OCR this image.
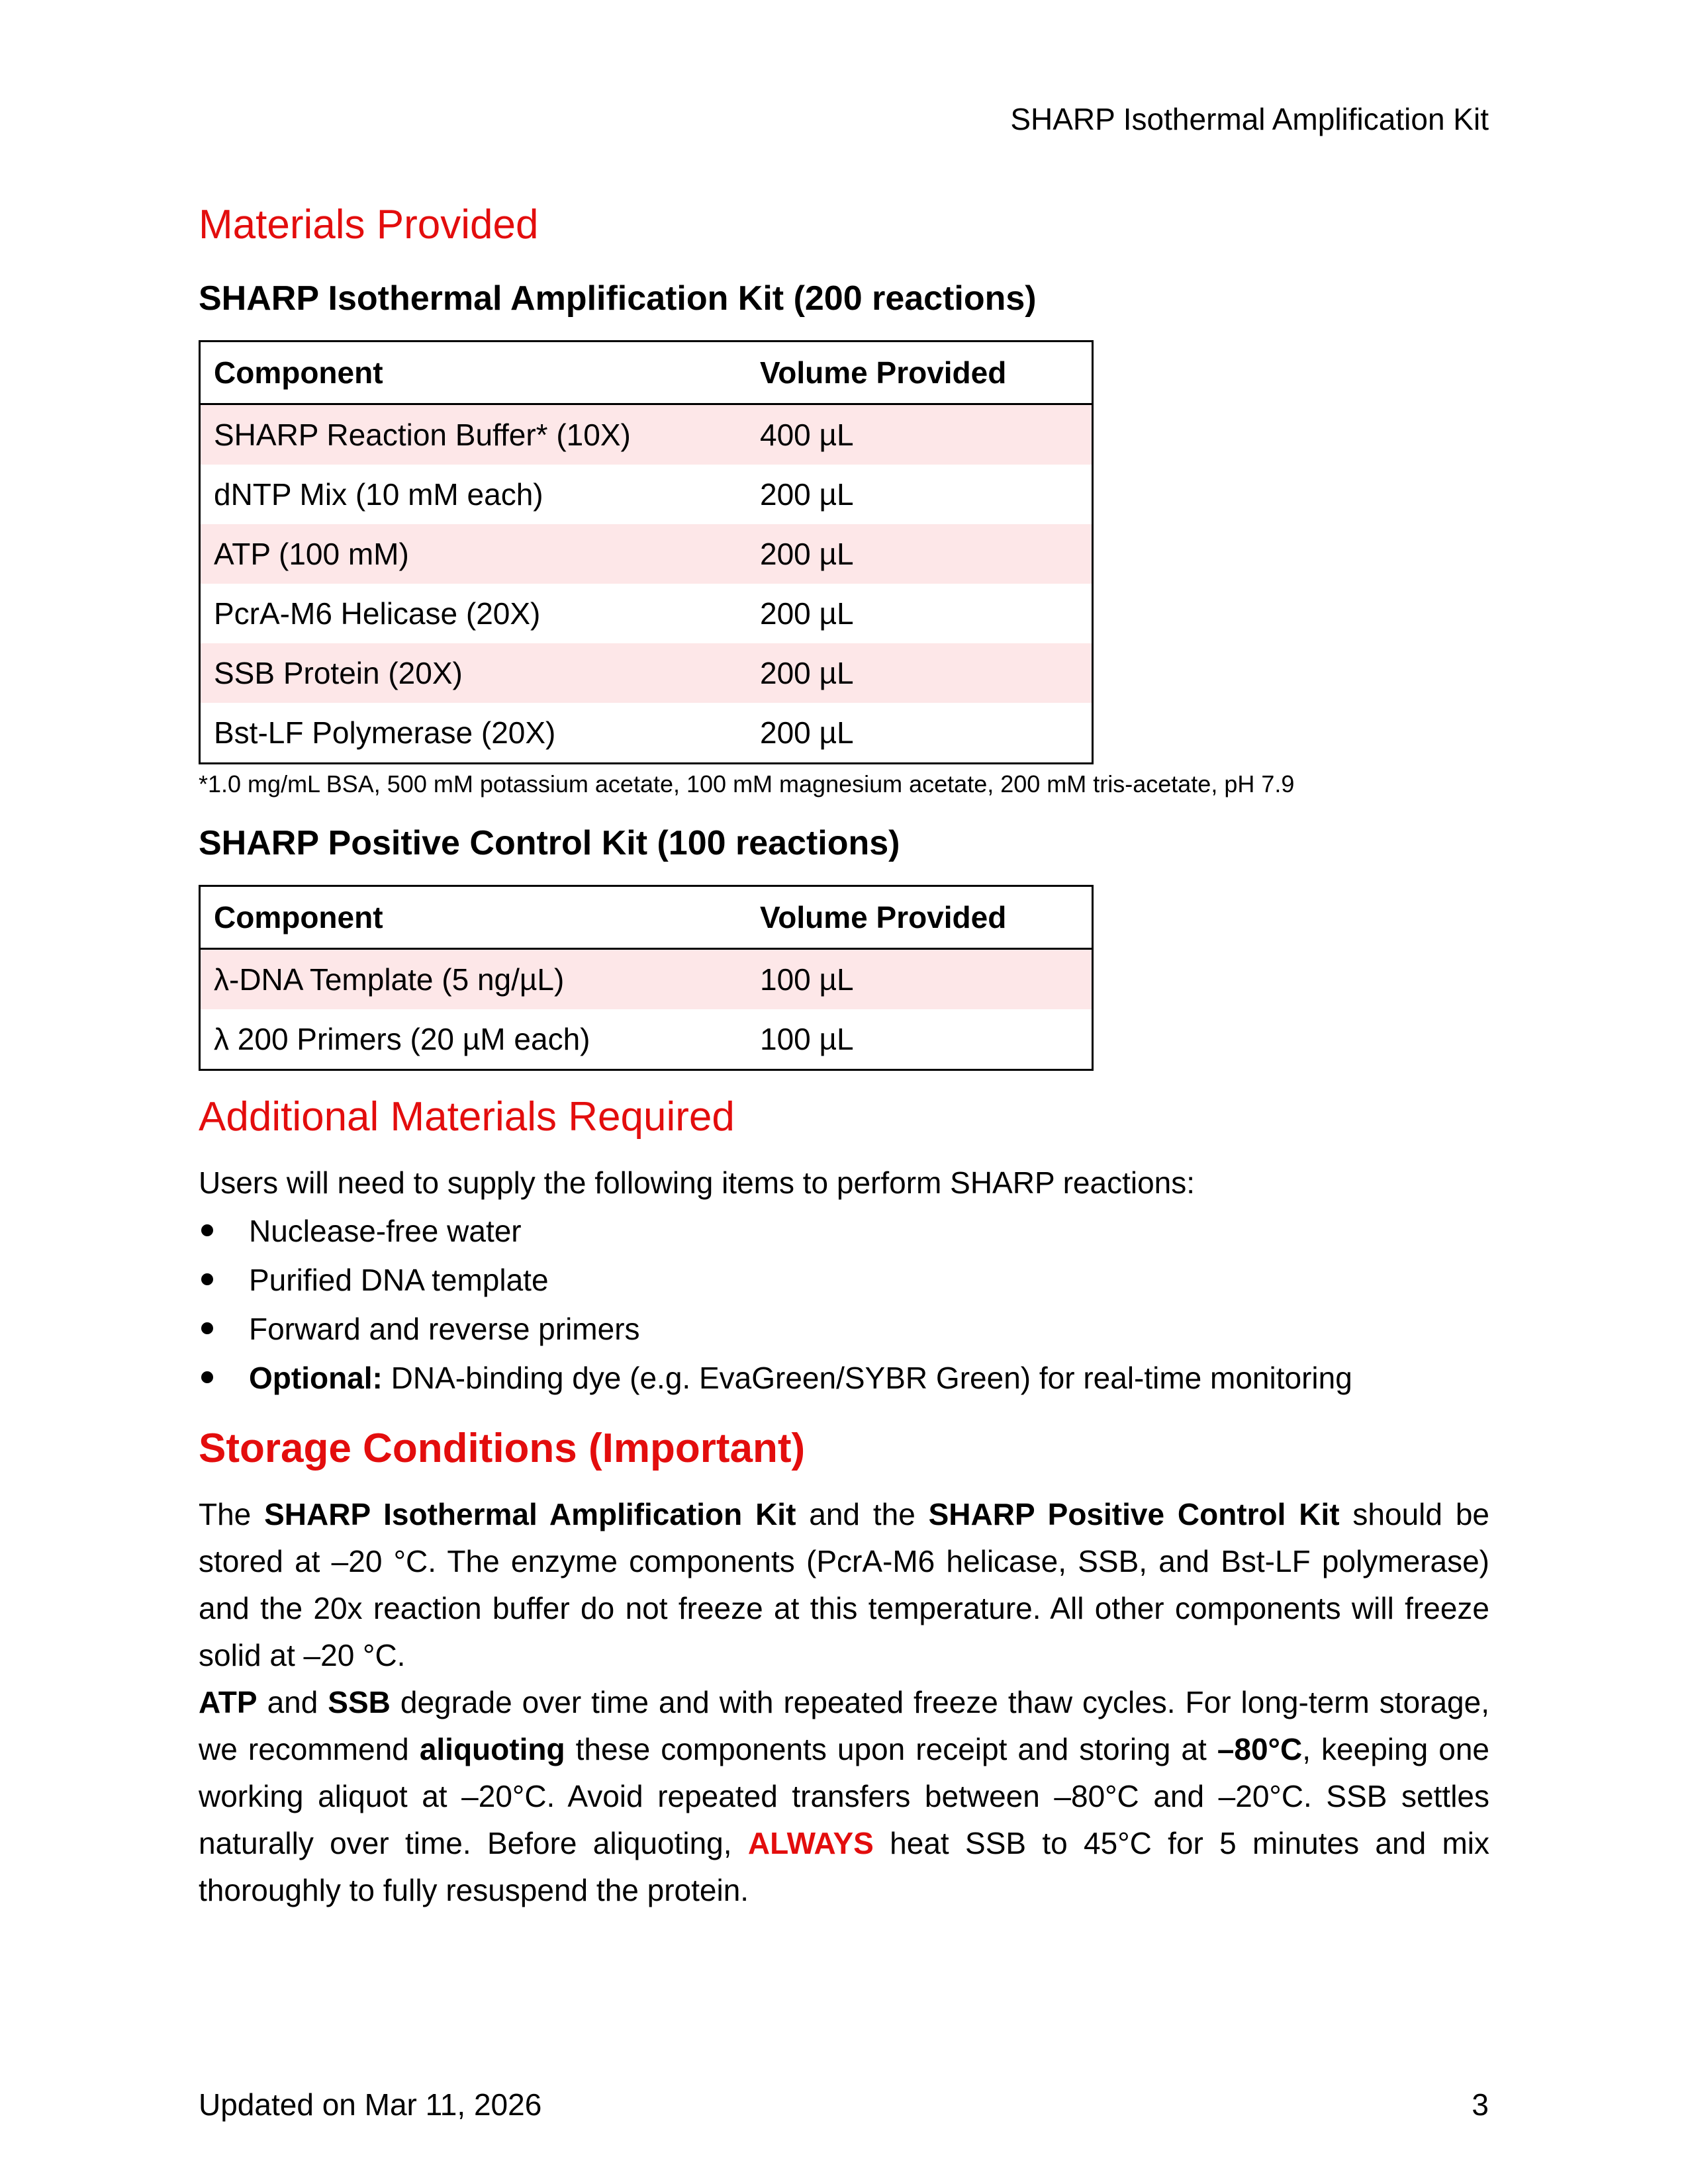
SHARP Isothermal Amplification Kit
Materials Provided
SHARP Isothermal Amplification Kit (200 reactions)
Component	Volume Provided
SHARP Reaction Buffer* (10X)	400 µL
dNTP Mix (10 mM each)	200 µL
ATP (100 mM)	200 µL
PcrA-M6 Helicase (20X)	200 µL
SSB Protein (20X)	200 µL
Bst-LF Polymerase (20X)	200 µL
*1.0 mg/mL BSA, 500 mM potassium acetate, 100 mM magnesium acetate, 200 mM tris-acetate, pH 7.9
SHARP Positive Control Kit (100 reactions)
Component	Volume Provided
λ-DNA Template (5 ng/µL)	100 µL
λ 200 Primers (20 µM each)	100 µL
Additional Materials Required
Users will need to supply the following items to perform SHARP reactions:
Nuclease-free water
Purified DNA template
Forward and reverse primers
Optional: DNA-binding dye (e.g. EvaGreen/SYBR Green) for real-time monitoring
Storage Conditions (Important)
The SHARP Isothermal Amplification Kit and the SHARP Positive Control Kit should be stored at –20 °C. The enzyme components (PcrA-M6 helicase, SSB, and Bst-LF polymerase) and the 20x reaction buffer do not freeze at this temperature. All other components will freeze solid at –20 °C.
ATP and SSB degrade over time and with repeated freeze thaw cycles. For long-term storage, we recommend aliquoting these components upon receipt and storing at –80°C, keeping one working aliquot at –20°C. Avoid repeated transfers between –80°C and –20°C. SSB settles naturally over time. Before aliquoting, ALWAYS heat SSB to 45°C for 5 minutes and mix thoroughly to fully resuspend the protein.
Updated on Mar 11, 2026	3
